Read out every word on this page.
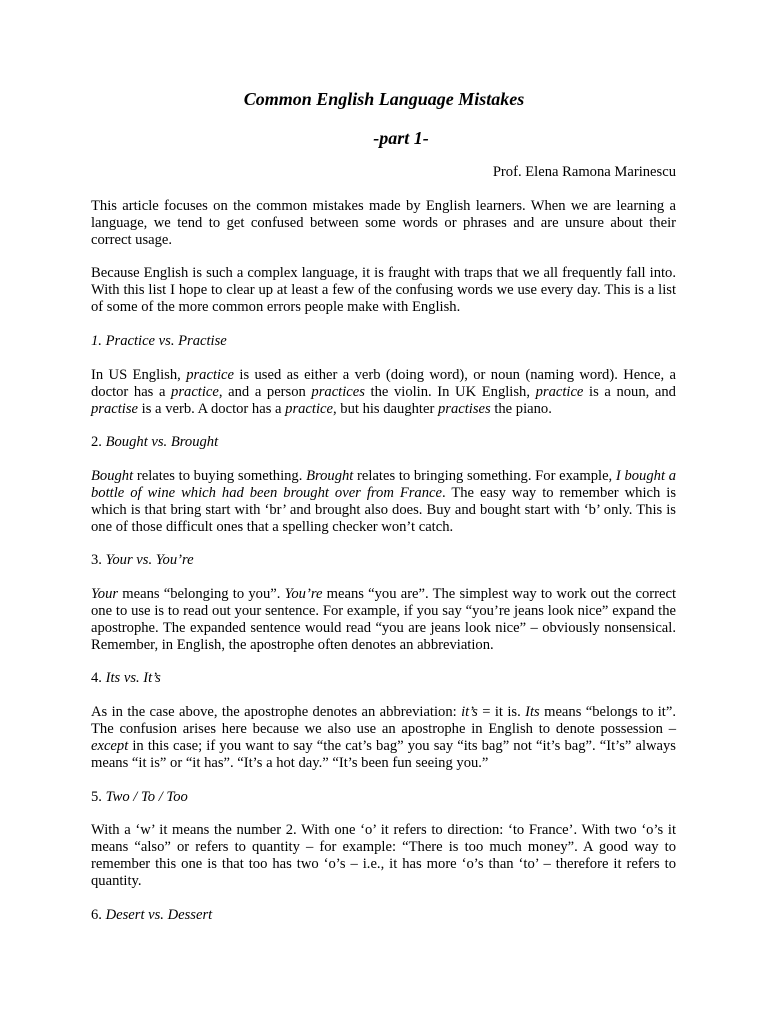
Common English Language Mistakes
-part 1-
Prof. Elena Ramona Marinescu

This article focuses on the common mistakes made by English learners. When we are learning a language, we tend to get confused between some words or phrases and are unsure about their correct usage.

Because English is such a complex language, it is fraught with traps that we all frequently fall into. With this list I hope to clear up at least a few of the confusing words we use every day. This is a list of some of the more common errors people make with English.

1. Practice vs. Practise

In US English, practice is used as either a verb (doing word), or noun (naming word). Hence, a doctor has a practice, and a person practices the violin. In UK English, practice is a noun, and practise is a verb. A doctor has a practice, but his daughter practises the piano.

2. Bought vs. Brought

Bought relates to buying something. Brought relates to bringing something. For example, I bought a bottle of wine which had been brought over from France. The easy way to remember which is which is that bring start with ‘br’ and brought also does. Buy and bought start with ‘b’ only. This is one of those difficult ones that a spelling checker won’t catch.

3. Your vs. You’re

Your means “belonging to you”. You’re means “you are”. The simplest way to work out the correct one to use is to read out your sentence. For example, if you say “you’re jeans look nice” expand the apostrophe. The expanded sentence would read “you are jeans look nice” – obviously nonsensical. Remember, in English, the apostrophe often denotes an abbreviation.

4. Its vs. It’s

As in the case above, the apostrophe denotes an abbreviation: it’s = it is. Its means “belongs to it”. The confusion arises here because we also use an apostrophe in English to denote possession – except in this case; if you want to say “the cat’s bag” you say “its bag” not “it’s bag”. “It’s” always means “it is” or “it has”. “It’s a hot day.” “It’s been fun seeing you.”

5. Two / To / Too

With a ‘w’ it means the number 2. With one ‘o’ it refers to direction: ‘to France’. With two ‘o’s it means “also” or refers to quantity – for example: “There is too much money”. A good way to remember this one is that too has two ‘o’s – i.e., it has more ‘o’s than ‘to’ – therefore it refers to quantity.

6. Desert vs. Dessert
